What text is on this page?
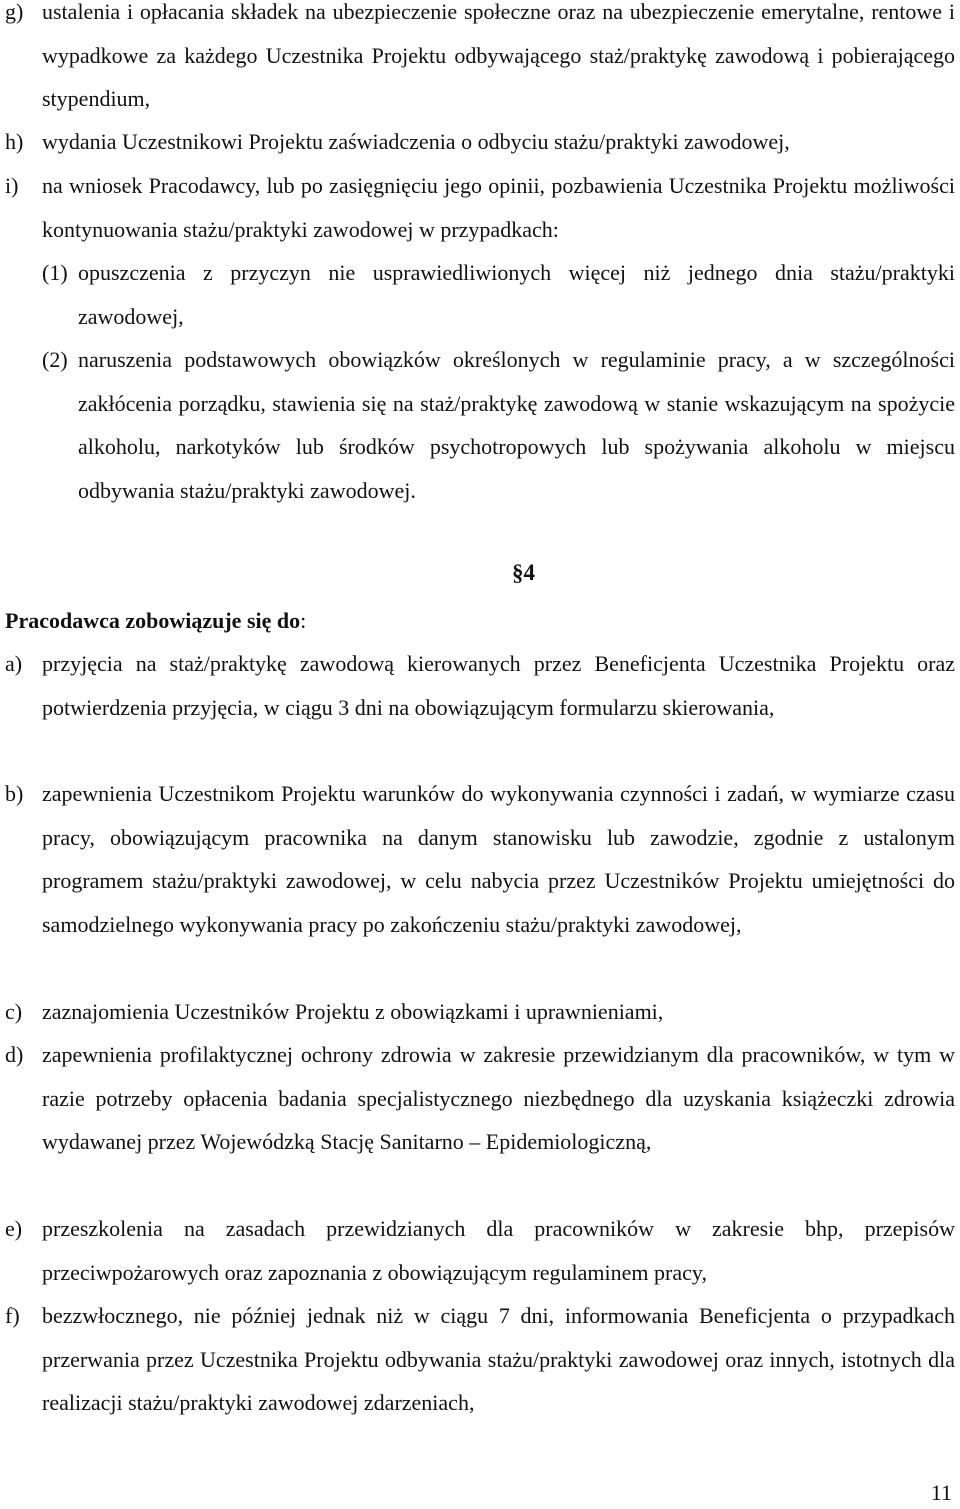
g) ustalenia i opłacania składek na ubezpieczenie społeczne oraz na ubezpieczenie emerytalne, rentowe i wypadkowe za każdego Uczestnika Projektu odbywającego staż/praktykę zawodową i pobierającego stypendium,
h) wydania Uczestnikowi Projektu zaświadczenia o odbyciu stażu/praktyki zawodowej,
i)	na wniosek Pracodawcy, lub po zasięgnięciu jego opinii, pozbawienia Uczestnika Projektu możliwości kontynuowania stażu/praktyki zawodowej w przypadkach:
(1) opuszczenia z przyczyn nie usprawiedliwionych więcej niż jednego dnia stażu/praktyki zawodowej,
(2) naruszenia podstawowych obowiązków określonych w regulaminie pracy, a w szczególności zakłócenia porządku, stawienia się na staż/praktykę zawodową w stanie wskazującym na spożycie alkoholu, narkotyków lub środków psychotropowych lub spożywania alkoholu w miejscu odbywania stażu/praktyki zawodowej.
§4
Pracodawca zobowiązuje się do:
a) przyjęcia na staż/praktykę zawodową kierowanych przez Beneficjenta Uczestnika Projektu oraz potwierdzenia przyjęcia, w ciągu 3 dni na obowiązującym formularzu skierowania,
b) zapewnienia Uczestnikom Projektu warunków do wykonywania czynności i zadań, w wymiarze czasu pracy, obowiązującym pracownika na danym stanowisku lub zawodzie, zgodnie z ustalonym programem stażu/praktyki zawodowej, w celu nabycia przez Uczestników Projektu umiejętności do samodzielnego wykonywania pracy po zakończeniu stażu/praktyki zawodowej,
c) zaznajomienia Uczestników Projektu z obowiązkami i uprawnieniami,
d) zapewnienia profilaktycznej ochrony zdrowia w zakresie przewidzianym dla pracowników, w tym w razie potrzeby opłacenia badania specjalistycznego niezbędnego dla uzyskania książeczki zdrowia wydawanej przez Wojewódzką Stację Sanitarno – Epidemiologiczną,
e) przeszkolenia na zasadach przewidzianych dla pracowników w zakresie bhp, przepisów przeciwpożarowych oraz zapoznania z obowiązującym regulaminem pracy,
f)	bezzwłocznego, nie później jednak niż w ciągu 7 dni, informowania Beneficjenta o przypadkach przerwania przez Uczestnika Projektu odbywania stażu/praktyki zawodowej oraz innych, istotnych dla realizacji stażu/praktyki zawodowej zdarzeniach,
11
